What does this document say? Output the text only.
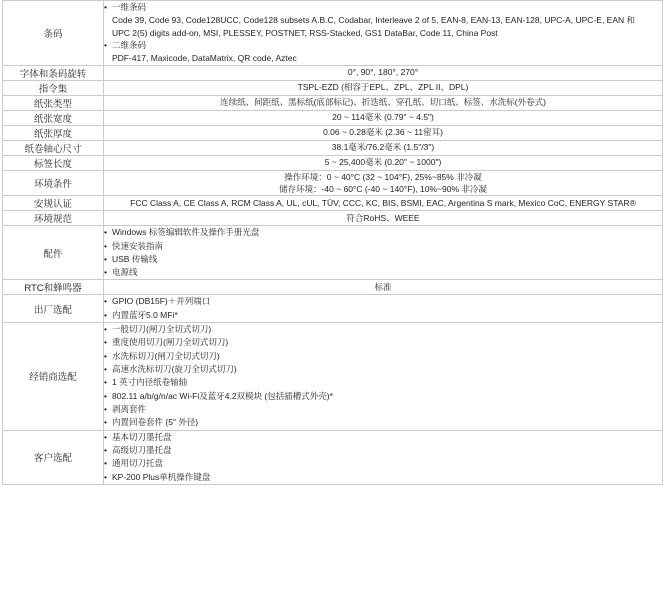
条码	
• 一维条码
Code 39, Code 93, Code128UCC, Code128 subsets A.B.C, Codabar, Interleave 2 of 5, EAN-8, EAN-13, EAN-128, UPC-A, UPC-E, EAN 和
UPC 2(5) digits add-on, MSI, PLESSEY, POSTNET, RSS-Stacked, GS1 DataBar, Code 11, China Post
• 二维条码
PDF-417, Maxicode, DataMatrix, QR code, Aztec

字体和条码旋转	0°, 90°, 180°, 270°
指令集	TSPL-EZD (相容于EPL、ZPL、ZPL II、DPL)
纸张类型	连续纸、间距纸、黑标纸(底部标记)、折迭纸、穿孔纸、切口纸、标签、水洗标(外卷式)
纸张宽度	20 ~ 114毫米 (0.79" ~ 4.5")
纸张厚度	0.06 ~ 0.28毫米 (2.36 ~ 11密耳)
纸卷轴心尺寸	38.1毫米/76.2毫米 (1.5"/3")
标签长度	5 ~ 25,400毫米 (0.20" ~ 1000")
环境条件	操作环境：0 ~ 40°C (32 ~ 104°F), 25%~85% 非冷凝
储存环境：-40 ~ 60°C (-40 ~ 140°F), 10%~90% 非冷凝

安规认证	FCC Class A, CE Class A, RCM Class A, UL, cUL, TÜV, CCC, KC, BIS, BSMI, EAC, Argentina S mark, Mexico CoC, ENERGY STAR®
环境规范	符合RoHS、WEEE
配件	
• Windows 标签编辑软件及操作手册光盘
• 快速安装指南
• USB 传输线
• 电源线

RTC和蜂鸣器	标准
出厂选配	
• GPIO (DB15F)＋并列端口
• 内置蓝牙5.0 MFi*

经销商选配	
• 一般切刀(闸刀全切式切刀)
• 重度使用切刀(闸刀全切式切刀)
• 水洗标切刀(闸刀全切式切刀)
• 高速水洗标切刀(旋刀全切式切刀)
• 1 英寸内径纸卷轴轴
• 802.11 a/b/g/n/ac Wi-Fi及蓝牙4.2双模块 (包括插槽式外壳)*
• 剥离套件
• 内置回卷套件 (5" 外径)

客户选配	
• 基本切刀墨托盘
• 高级切刀墨托盘
• 通用切刀托盘
• KP-200 Plus单机操作键盘
